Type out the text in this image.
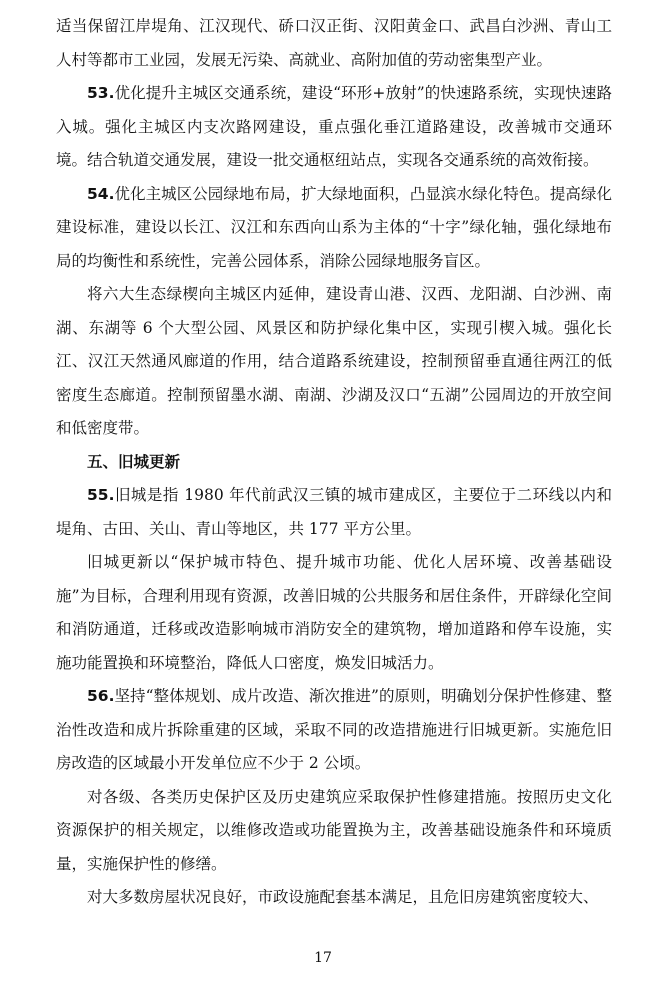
适当保留江岸堤角、江汉现代、硚口汉正街、汉阳黄金口、武昌白沙洲、青山工人村等都市工业园，发展无污染、高就业、高附加值的劳动密集型产业。

53.优化提升主城区交通系统，建设“环形+放射”的快速路系统，实现快速路入城。强化主城区内支次路网建设，重点强化垂江道路建设，改善城市交通环境。结合轨道交通发展，建设一批交通枢纽站点，实现各交通系统的高效衔接。

54.优化主城区公园绿地布局，扩大绿地面积，凸显滨水绿化特色。提高绿化建设标准，建设以长江、汉江和东西向山系为主体的“十字”绿化轴，强化绿地布局的均衡性和系统性，完善公园体系，消除公园绿地服务盲区。

将六大生态绿楔向主城区内延伸，建设青山港、汉西、龙阳湖、白沙洲、南湖、东湖等 6 个大型公园、风景区和防护绿化集中区，实现引楔入城。强化长江、汉江天然通风廊道的作用，结合道路系统建设，控制预留垂直通往两江的低密度生态廊道。控制预留墨水湖、南湖、沙湖及汉口“五湖”公园周边的开放空间和低密度带。

五、旧城更新

55.旧城是指 1980 年代前武汉三镇的城市建成区，主要位于二环线以内和堤角、古田、关山、青山等地区，共 177 平方公里。

旧城更新以“保护城市特色、提升城市功能、优化人居环境、改善基础设施”为目标，合理利用现有资源，改善旧城的公共服务和居住条件，开辟绿化空间和消防通道，迁移或改造影响城市消防安全的建筑物，增加道路和停车设施，实施功能置换和环境整治，降低人口密度，焕发旧城活力。

56.坚持“整体规划、成片改造、渐次推进”的原则，明确划分保护性修建、整治性改造和成片拆除重建的区域，采取不同的改造措施进行旧城更新。实施危旧房改造的区域最小开发单位应不少于 2 公顷。

对各级、各类历史保护区及历史建筑应采取保护性修建措施。按照历史文化资源保护的相关规定，以维修改造或功能置换为主，改善基础设施条件和环境质量，实施保护性的修缮。

对大多数房屋状况良好，市政设施配套基本满足，且危旧房建筑密度较大、

17
